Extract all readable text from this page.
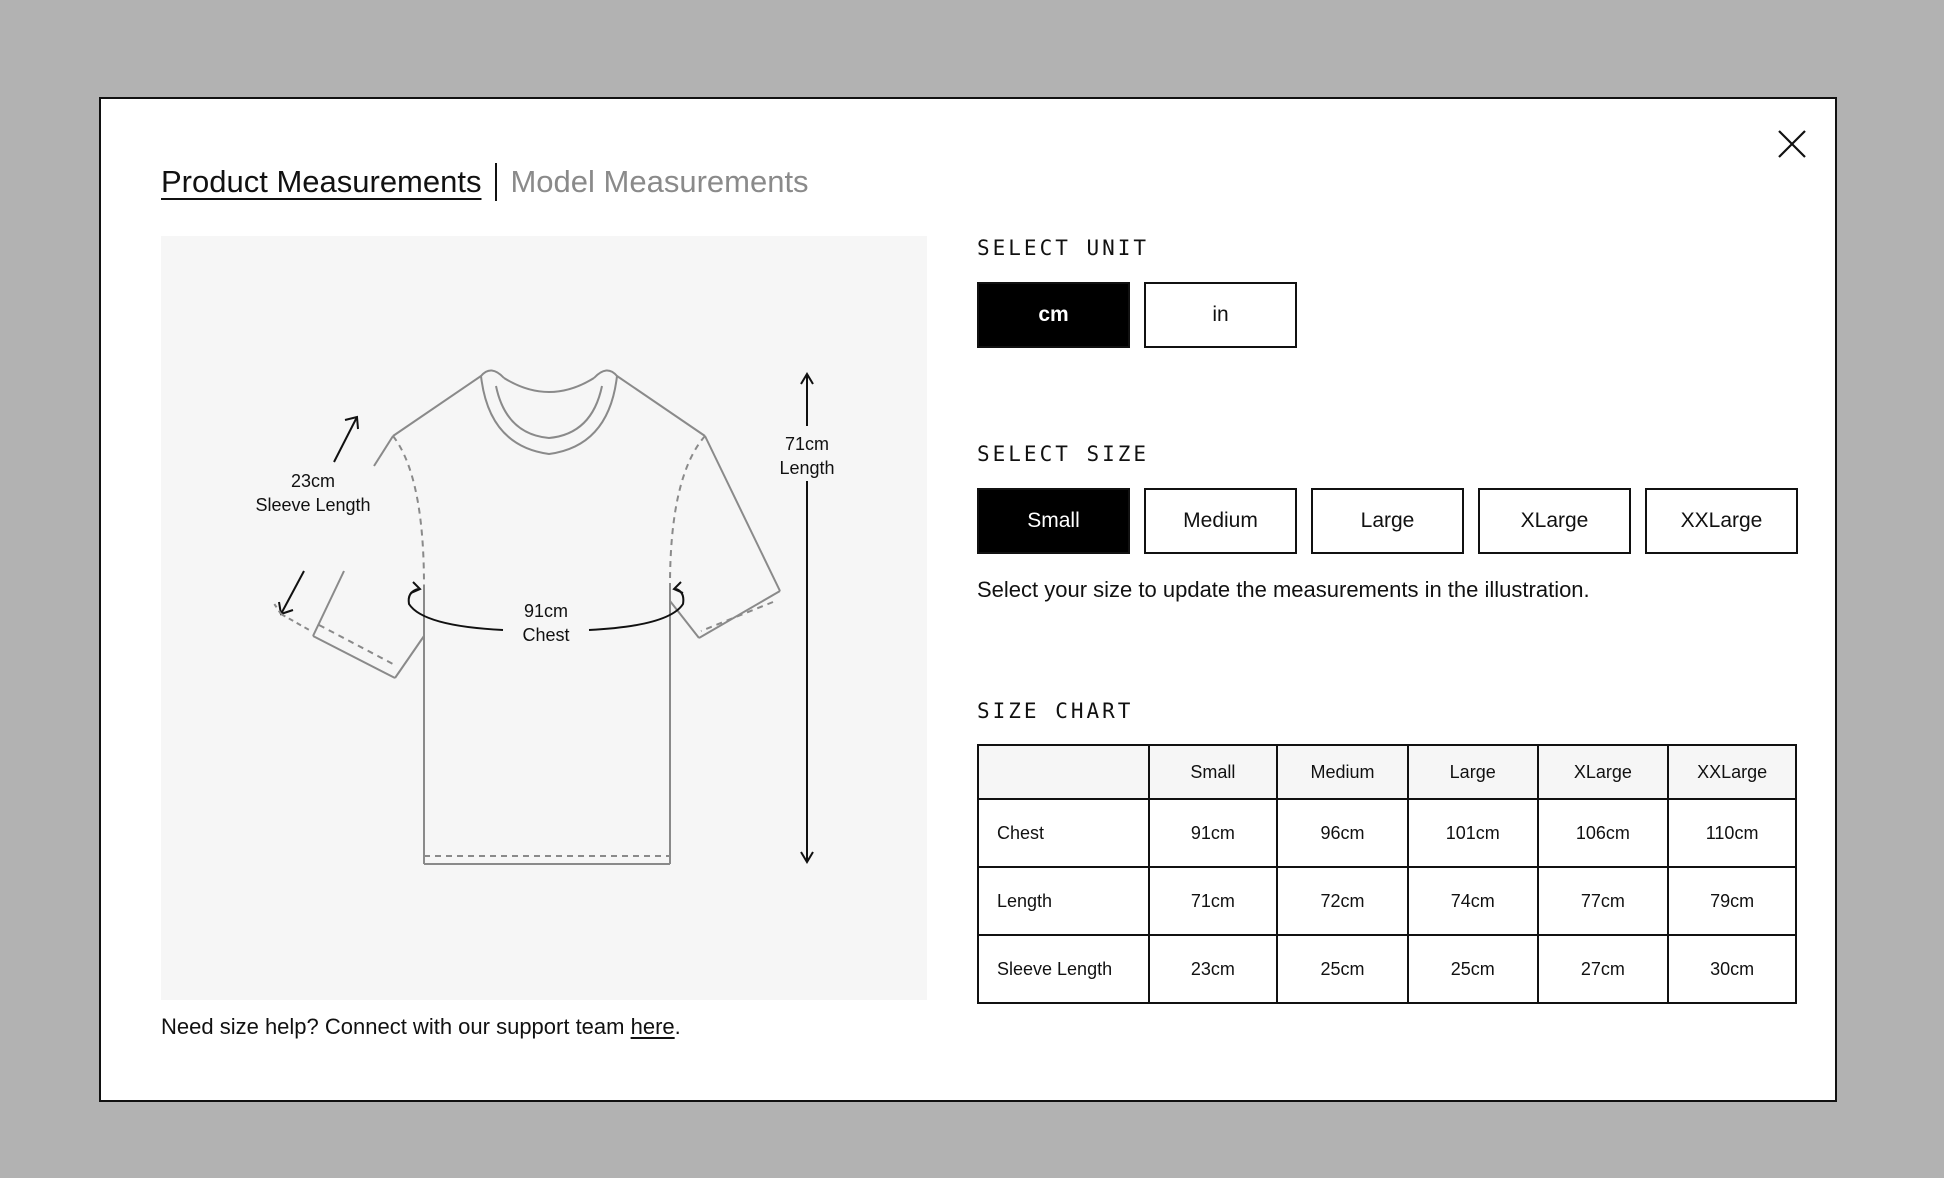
Product Measurements Model Measurements
23cm
Sleeve Length
71cm
Length
91cm
Chest
Need size help? Connect with our support team here.
SELECT UNIT
cm	in
SELECT SIZE
Small	Medium	Large	XLarge	XXLarge
Select your size to update the measurements in the illustration.
SIZE CHART
	Small	Medium	Large	XLarge	XXLarge
Chest	91cm	96cm	101cm	106cm	110cm
Length	71cm	72cm	74cm	77cm	79cm
Sleeve Length	23cm	25cm	25cm	27cm	30cm
